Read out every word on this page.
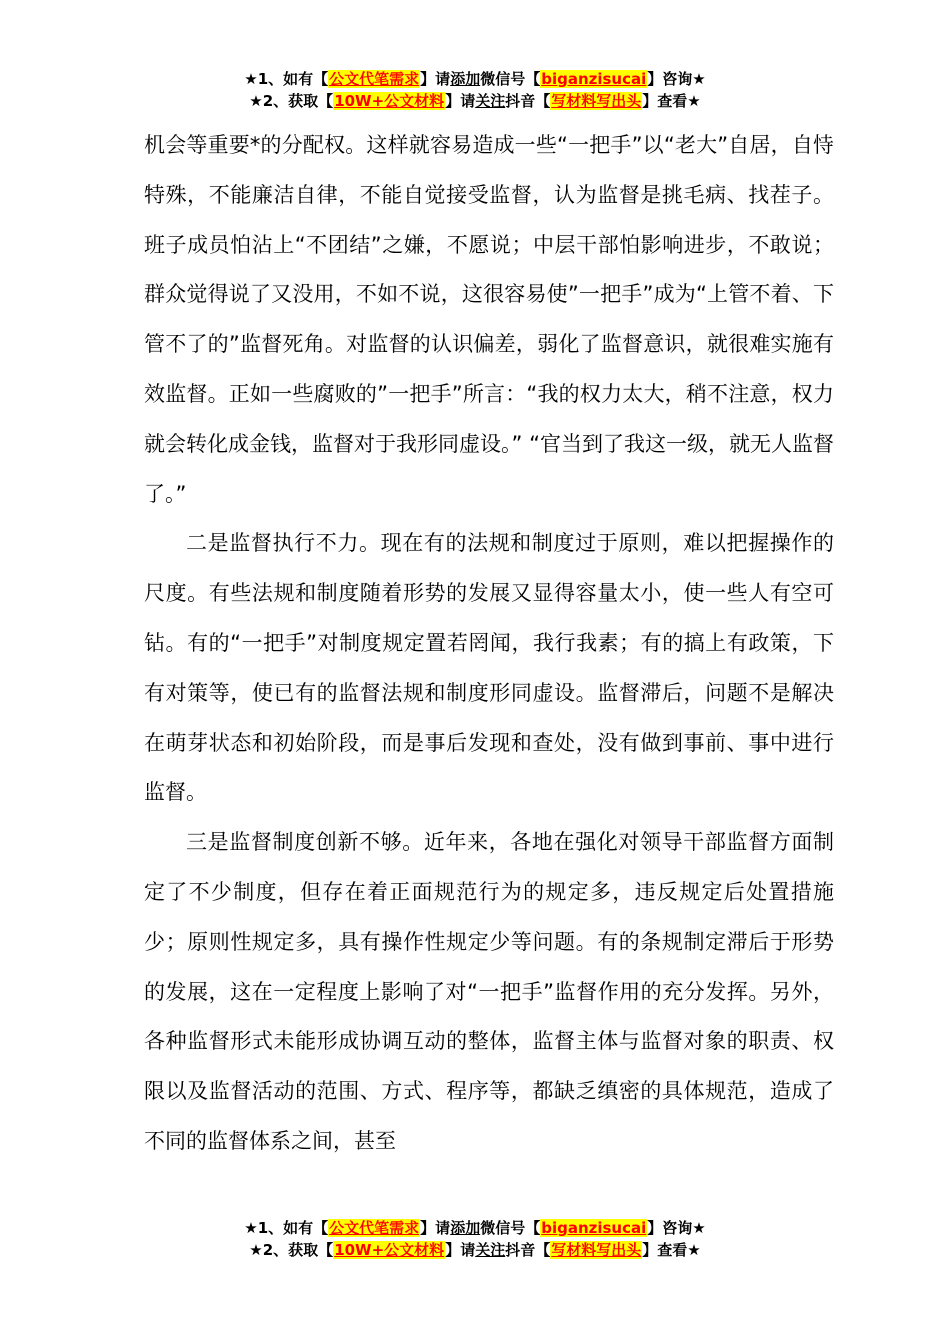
★1、如有【公文代笔需求】请添加微信号【biganzisucai】咨询★
★2、获取【10W+公文材料】请关注抖音【写材料写出头】查看★

机会等重要*的分配权。这样就容易造成一些“一把手”以“老大”自居，自恃特殊，不能廉洁自律，不能自觉接受监督，认为监督是挑毛病、找茬子。班子成员怕沾上“不团结”之嫌，不愿说；中层干部怕影响进步，不敢说；群众觉得说了又没用，不如不说，这很容易使”一把手”成为“上管不着、下管不了的”监督死角。对监督的认识偏差，弱化了监督意识，就很难实施有效监督。正如一些腐败的”一把手”所言：“我的权力太大，稍不注意，权力就会转化成金钱，监督对于我形同虚设。” “官当到了我这一级，就无人监督了。”

二是监督执行不力。现在有的法规和制度过于原则，难以把握操作的尺度。有些法规和制度随着形势的发展又显得容量太小，使一些人有空可钻。有的“一把手”对制度规定置若罔闻，我行我素；有的搞上有政策，下有对策等，使已有的监督法规和制度形同虚设。监督滞后，问题不是解决在萌芽状态和初始阶段，而是事后发现和查处，没有做到事前、事中进行监督。

三是监督制度创新不够。近年来，各地在强化对领导干部监督方面制定了不少制度，但存在着正面规范行为的规定多，违反规定后处置措施少；原则性规定多，具有操作性规定少等问题。有的条规制定滞后于形势的发展，这在一定程度上影响了对“一把手”监督作用的充分发挥。另外，各种监督形式未能形成协调互动的整体，监督主体与监督对象的职责、权限以及监督活动的范围、方式、程序等，都缺乏缜密的具体规范，造成了不同的监督体系之间，甚至

★1、如有【公文代笔需求】请添加微信号【biganzisucai】咨询★
★2、获取【10W+公文材料】请关注抖音【写材料写出头】查看★
